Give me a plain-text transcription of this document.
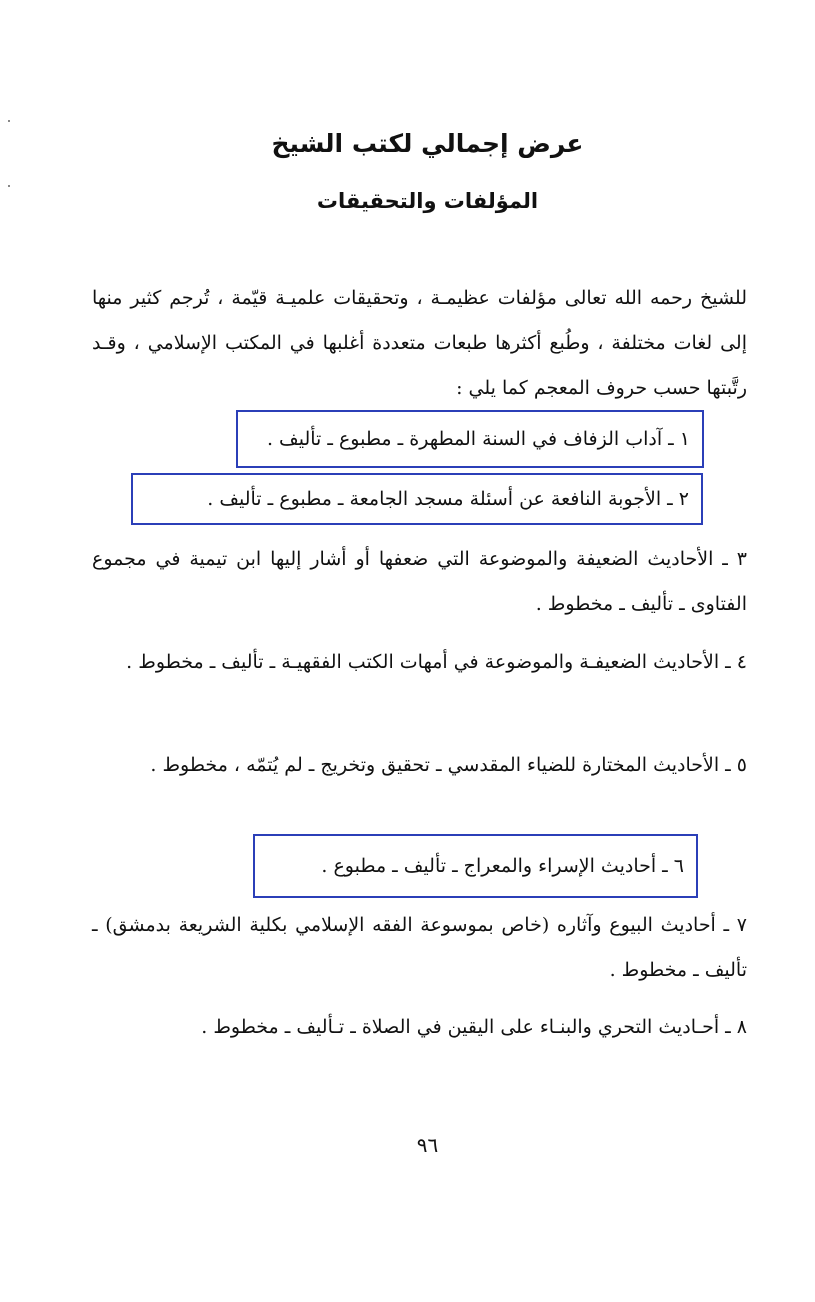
عرض إجمالي لكتب الشيخ
المؤلفات والتحقيقات

للشيخ رحمه الله تعالى مؤلفات عظيمـة ، وتحقيقات علميـة قيّمة ، تُرجم كثير منها إلى لغات مختلفة ، وطُبع أكثرها طبعات متعددة أغلبها في المكتب الإسلامي ، وقـد رتَّبتها حسب حروف المعجم كما يلي :

١ ـ آداب الزفاف في السنة المطهرة ـ مطبوع ـ تأليف .
٢ ـ الأجوبة النافعة عن أسئلة مسجد الجامعة ـ مطبوع ـ تأليف .

٣ ـ الأحاديث الضعيفة والموضوعة التي ضعفها أو أشار إليها ابن تيمية في مجموع الفتاوى ـ تأليف ـ مخطوط .

٤ ـ الأحاديث الضعيفـة والموضوعة في أمهات الكتب الفقهيـة ـ تأليف ـ مخطوط .

٥ ـ الأحاديث المختارة للضياء المقدسي ـ تحقيق وتخريج ـ لم يُتمّه ، مخطوط .

٦ ـ أحاديث الإسراء والمعراج ـ تأليف ـ مطبوع .

٧ ـ أحاديث البيوع وآثاره (خاص بموسوعة الفقه الإسلامي بكلية الشريعة بدمشق) ـ تأليف ـ مخطوط .

٨ ـ أحـاديث التحري والبنـاء على اليقين في الصلاة ـ تـأليف ـ مخطوط .

٩٦
